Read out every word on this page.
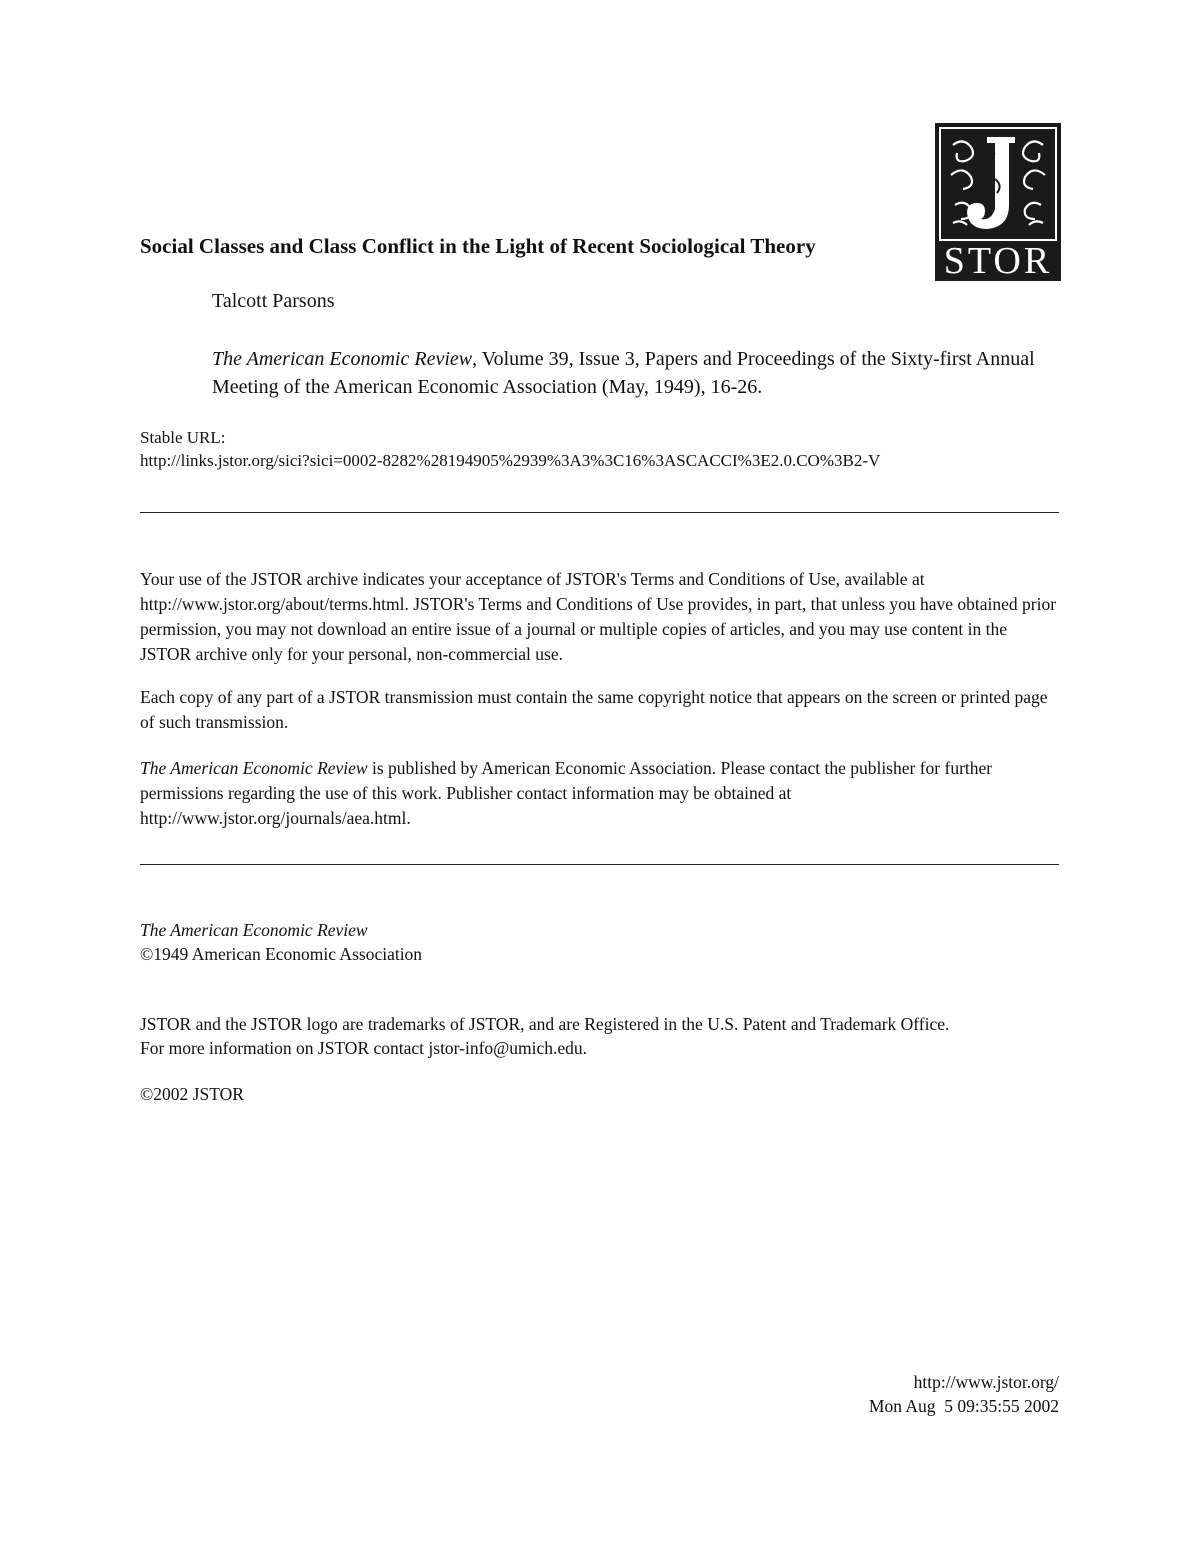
STOR
Social Classes and Class Conflict in the Light of Recent Sociological Theory
Talcott Parsons
The American Economic Review, Volume 39, Issue 3, Papers and Proceedings of the Sixty-first Annual Meeting of the American Economic Association (May, 1949), 16-26.
Stable URL:
http://links.jstor.org/sici?sici=0002-8282%28194905%2939%3A3%3C16%3ASCACCI%3E2.0.CO%3B2-V
Your use of the JSTOR archive indicates your acceptance of JSTOR's Terms and Conditions of Use, available at http://www.jstor.org/about/terms.html. JSTOR's Terms and Conditions of Use provides, in part, that unless you have obtained prior permission, you may not download an entire issue of a journal or multiple copies of articles, and you may use content in the JSTOR archive only for your personal, non-commercial use.
Each copy of any part of a JSTOR transmission must contain the same copyright notice that appears on the screen or printed page of such transmission.
The American Economic Review is published by American Economic Association. Please contact the publisher for further permissions regarding the use of this work. Publisher contact information may be obtained at http://www.jstor.org/journals/aea.html.
The American Economic Review
©1949 American Economic Association
JSTOR and the JSTOR logo are trademarks of JSTOR, and are Registered in the U.S. Patent and Trademark Office.
For more information on JSTOR contact jstor-info@umich.edu.
©2002 JSTOR
http://www.jstor.org/
Mon Aug  5 09:35:55 2002
